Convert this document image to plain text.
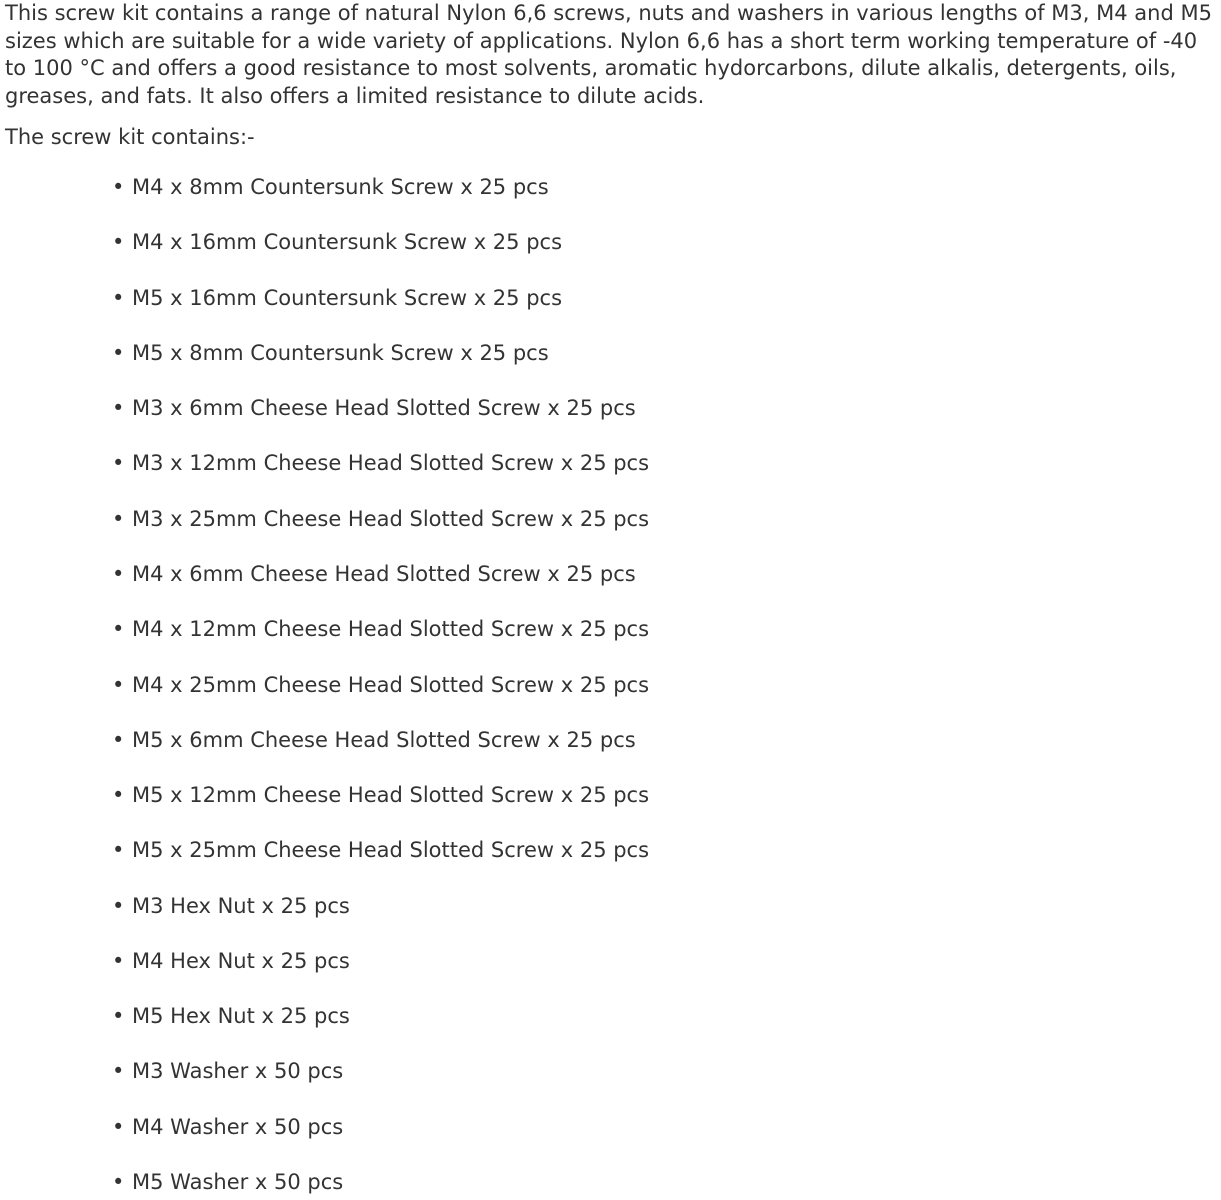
This screw kit contains a range of natural Nylon 6,6 screws, nuts and washers in various lengths of M3, M4 and M5 sizes which are suitable for a wide variety of applications. Nylon 6,6 has a short term working temperature of -40 to 100 °C and offers a good resistance to most solvents, aromatic hydorcarbons, dilute alkalis, detergents, oils, greases, and fats. It also offers a limited resistance to dilute acids.

The screw kit contains:-

• M4 x 8mm Countersunk Screw x 25 pcs
• M4 x 16mm Countersunk Screw x 25 pcs
• M5 x 16mm Countersunk Screw x 25 pcs
• M5 x 8mm Countersunk Screw x 25 pcs
• M3 x 6mm Cheese Head Slotted Screw x 25 pcs
• M3 x 12mm Cheese Head Slotted Screw x 25 pcs
• M3 x 25mm Cheese Head Slotted Screw x 25 pcs
• M4 x 6mm Cheese Head Slotted Screw x 25 pcs
• M4 x 12mm Cheese Head Slotted Screw x 25 pcs
• M4 x 25mm Cheese Head Slotted Screw x 25 pcs
• M5 x 6mm Cheese Head Slotted Screw x 25 pcs
• M5 x 12mm Cheese Head Slotted Screw x 25 pcs
• M5 x 25mm Cheese Head Slotted Screw x 25 pcs
• M3 Hex Nut x 25 pcs
• M4 Hex Nut x 25 pcs
• M5 Hex Nut x 25 pcs
• M3 Washer x 50 pcs
• M4 Washer x 50 pcs
• M5 Washer x 50 pcs
